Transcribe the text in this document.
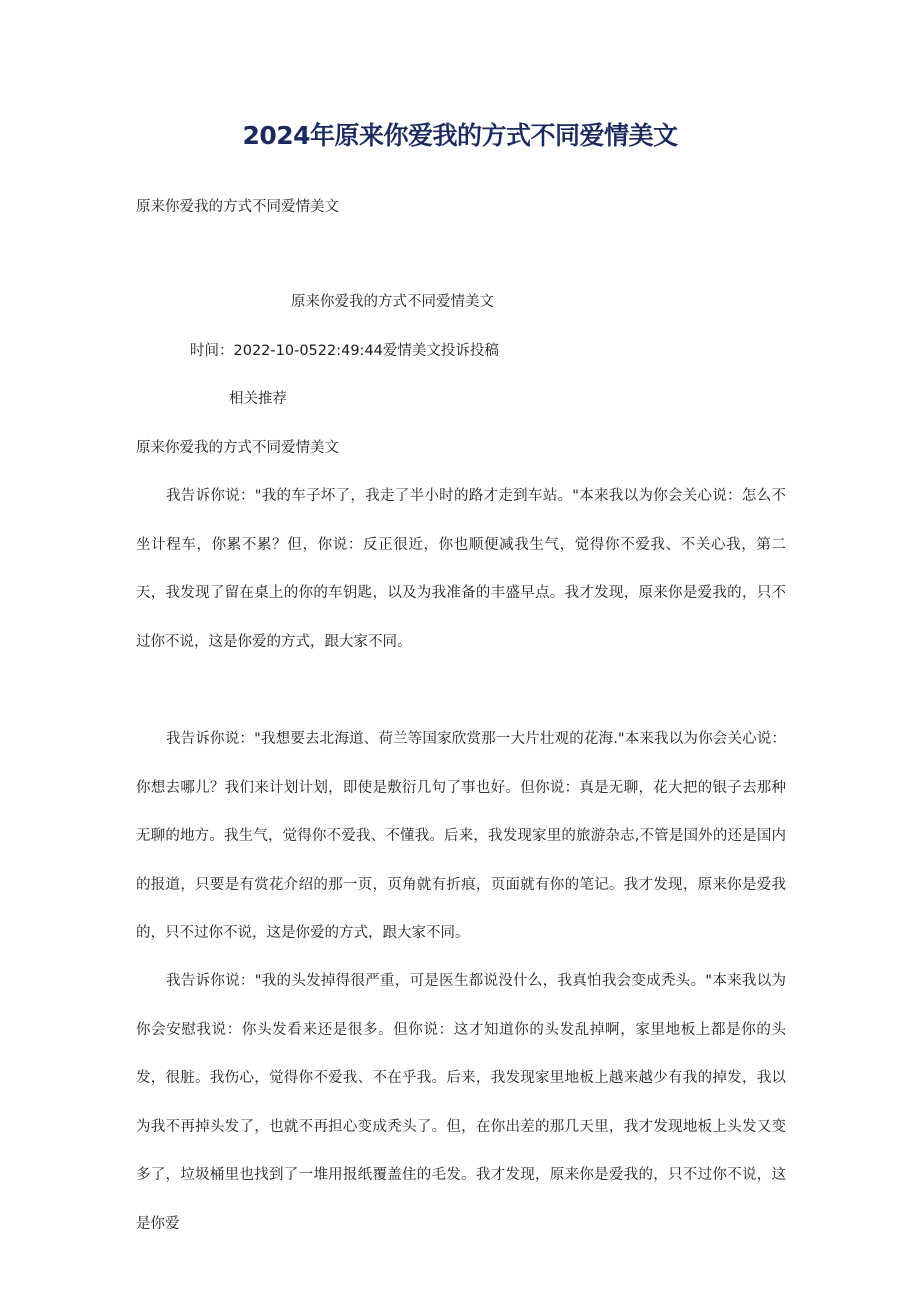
2024年原来你爱我的方式不同爱情美文

原来你爱我的方式不同爱情美文

原来你爱我的方式不同爱情美文

时间：2022-10-0522:49:44爱情美文投诉投稿

相关推荐

原来你爱我的方式不同爱情美文

我告诉你说："我的车子坏了，我走了半小时的路才走到车站。"本来我以为你会关心说：怎么不坐计程车，你累不累？但，你说：反正很近，你也顺便减我生气，觉得你不爱我、不关心我，第二天，我发现了留在桌上的你的车钥匙，以及为我准备的丰盛早点。我才发现，原来你是爱我的，只不过你不说，这是你爱的方式，跟大家不同。

我告诉你说："我想要去北海道、荷兰等国家欣赏那一大片壮观的花海."本来我以为你会关心说：你想去哪儿？我们来计划计划，即使是敷衍几句了事也好。但你说：真是无聊，花大把的银子去那种无聊的地方。我生气，觉得你不爱我、不懂我。后来，我发现家里的旅游杂志,不管是国外的还是国内的报道，只要是有赏花介绍的那一页，页角就有折痕，页面就有你的笔记。我才发现，原来你是爱我的，只不过你不说，这是你爱的方式，跟大家不同。

我告诉你说："我的头发掉得很严重，可是医生都说没什么，我真怕我会变成秃头。"本来我以为你会安慰我说：你头发看来还是很多。但你说：这才知道你的头发乱掉啊，家里地板上都是你的头发，很脏。我伤心，觉得你不爱我、不在乎我。后来，我发现家里地板上越来越少有我的掉发，我以为我不再掉头发了，也就不再担心变成秃头了。但，在你出差的那几天里，我才发现地板上头发又变多了，垃圾桶里也找到了一堆用报纸覆盖住的毛发。我才发现，原来你是爱我的，只不过你不说，这是你爱
